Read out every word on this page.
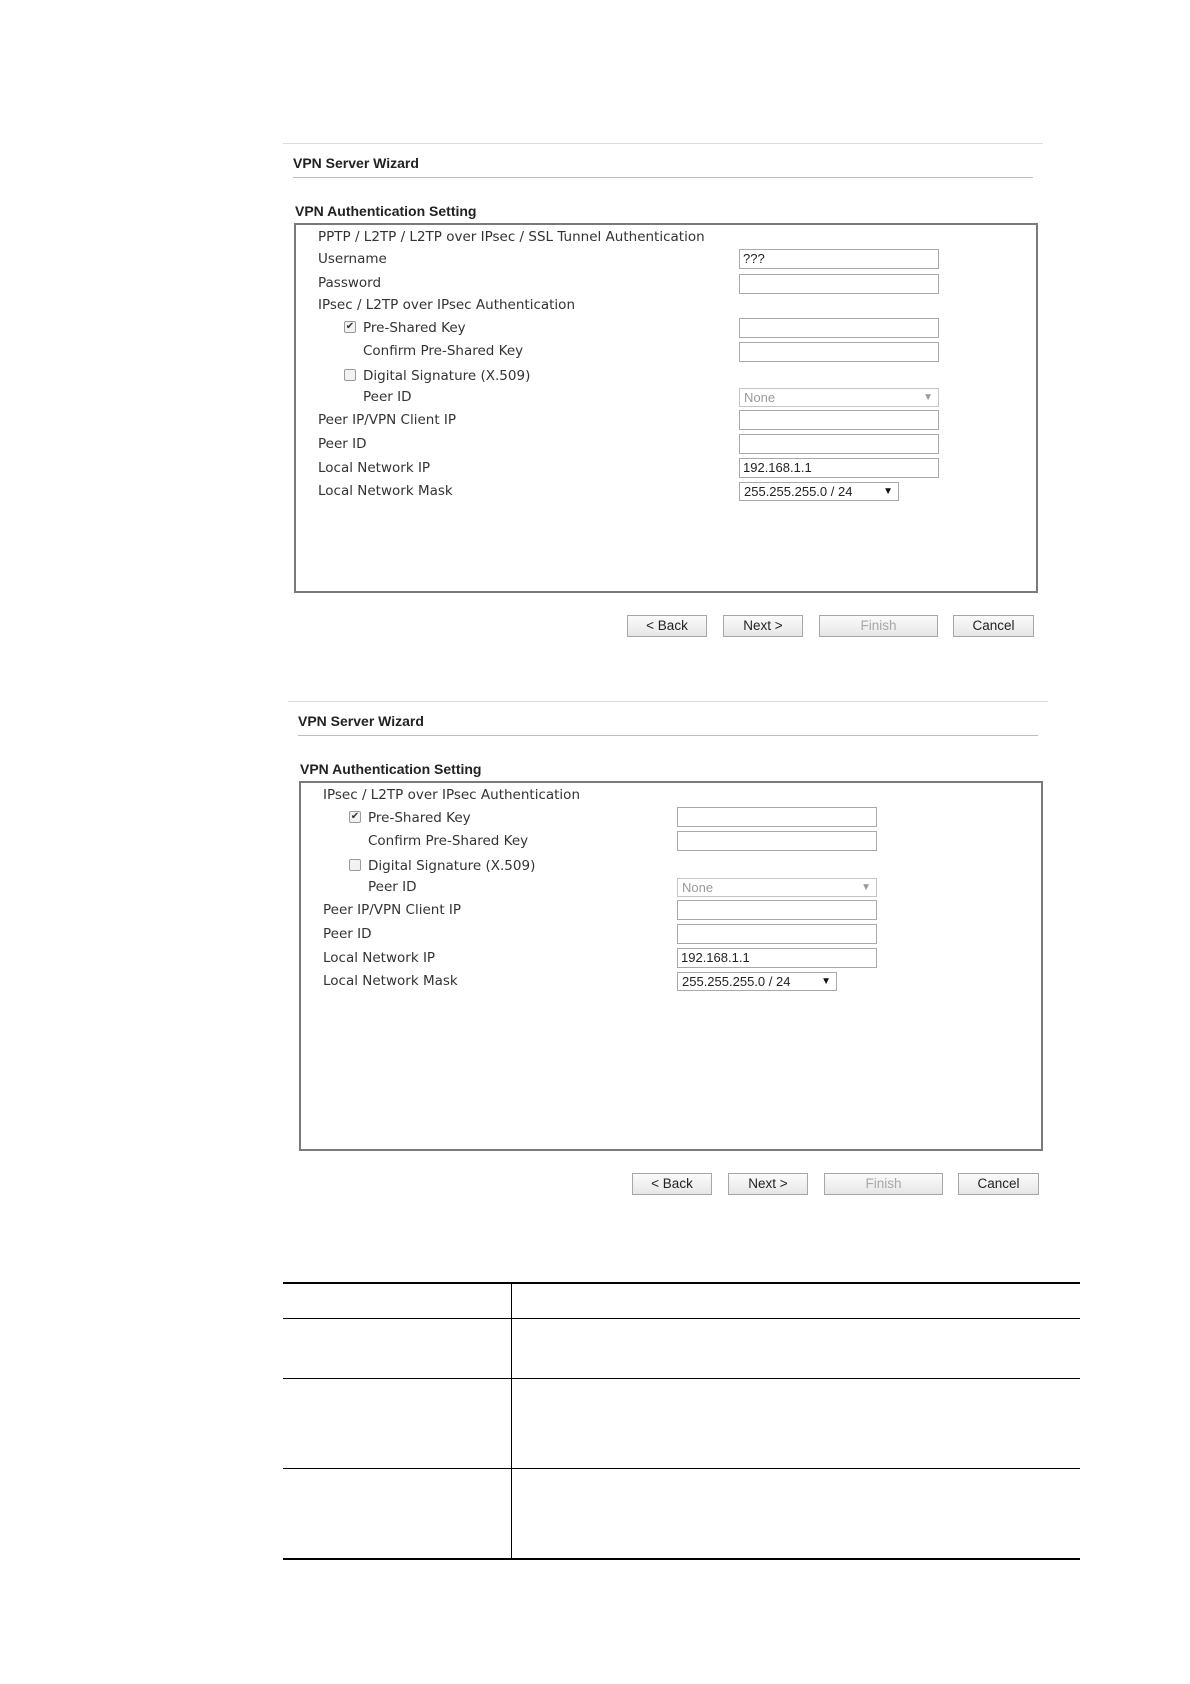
VPN Server Wizard
VPN Authentication Setting
PPTP / L2TP / L2TP over IPsec / SSL Tunnel Authentication
Username	???
Password
IPsec / L2TP over IPsec Authentication
✔ Pre-Shared Key
Confirm Pre-Shared Key
Digital Signature (X.509)
Peer ID	None	▼
Peer IP/VPN Client IP
Peer ID
Local Network IP	192.168.1.1
Local Network Mask	255.255.255.0 / 24	▼
< Back	Next >	Finish	Cancel
VPN Server Wizard
VPN Authentication Setting
IPsec / L2TP over IPsec Authentication
✔ Pre-Shared Key
Confirm Pre-Shared Key
Digital Signature (X.509)
Peer ID	None	▼
Peer IP/VPN Client IP
Peer ID
Local Network IP	192.168.1.1
Local Network Mask	255.255.255.0 / 24	▼
< Back	Next >	Finish	Cancel
